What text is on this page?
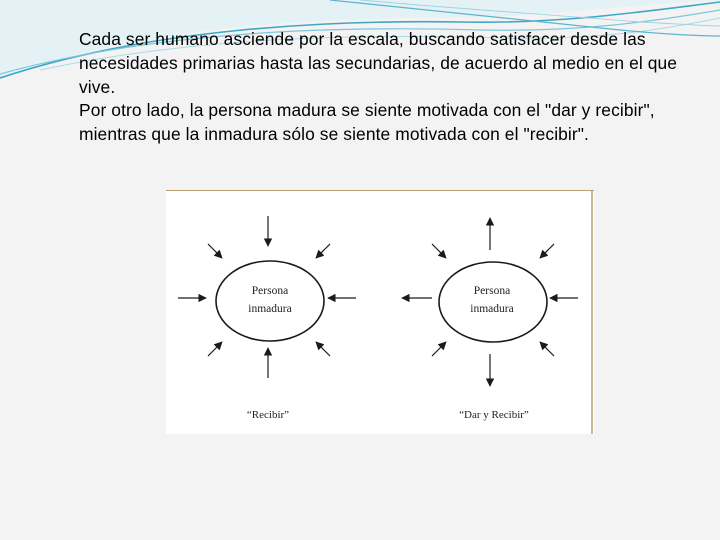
Cada ser humano asciende por la escala, buscando satisfacer desde las necesidades primarias hasta las secundarias, de acuerdo al medio en el que vive.

Por otro lado, la persona madura se siente motivada con el "dar y recibir", mientras que la inmadura sólo se siente motivada con el "recibir".

Persona
inmadura
“Recibir”
Persona
inmadura
“Dar y Recibir”
